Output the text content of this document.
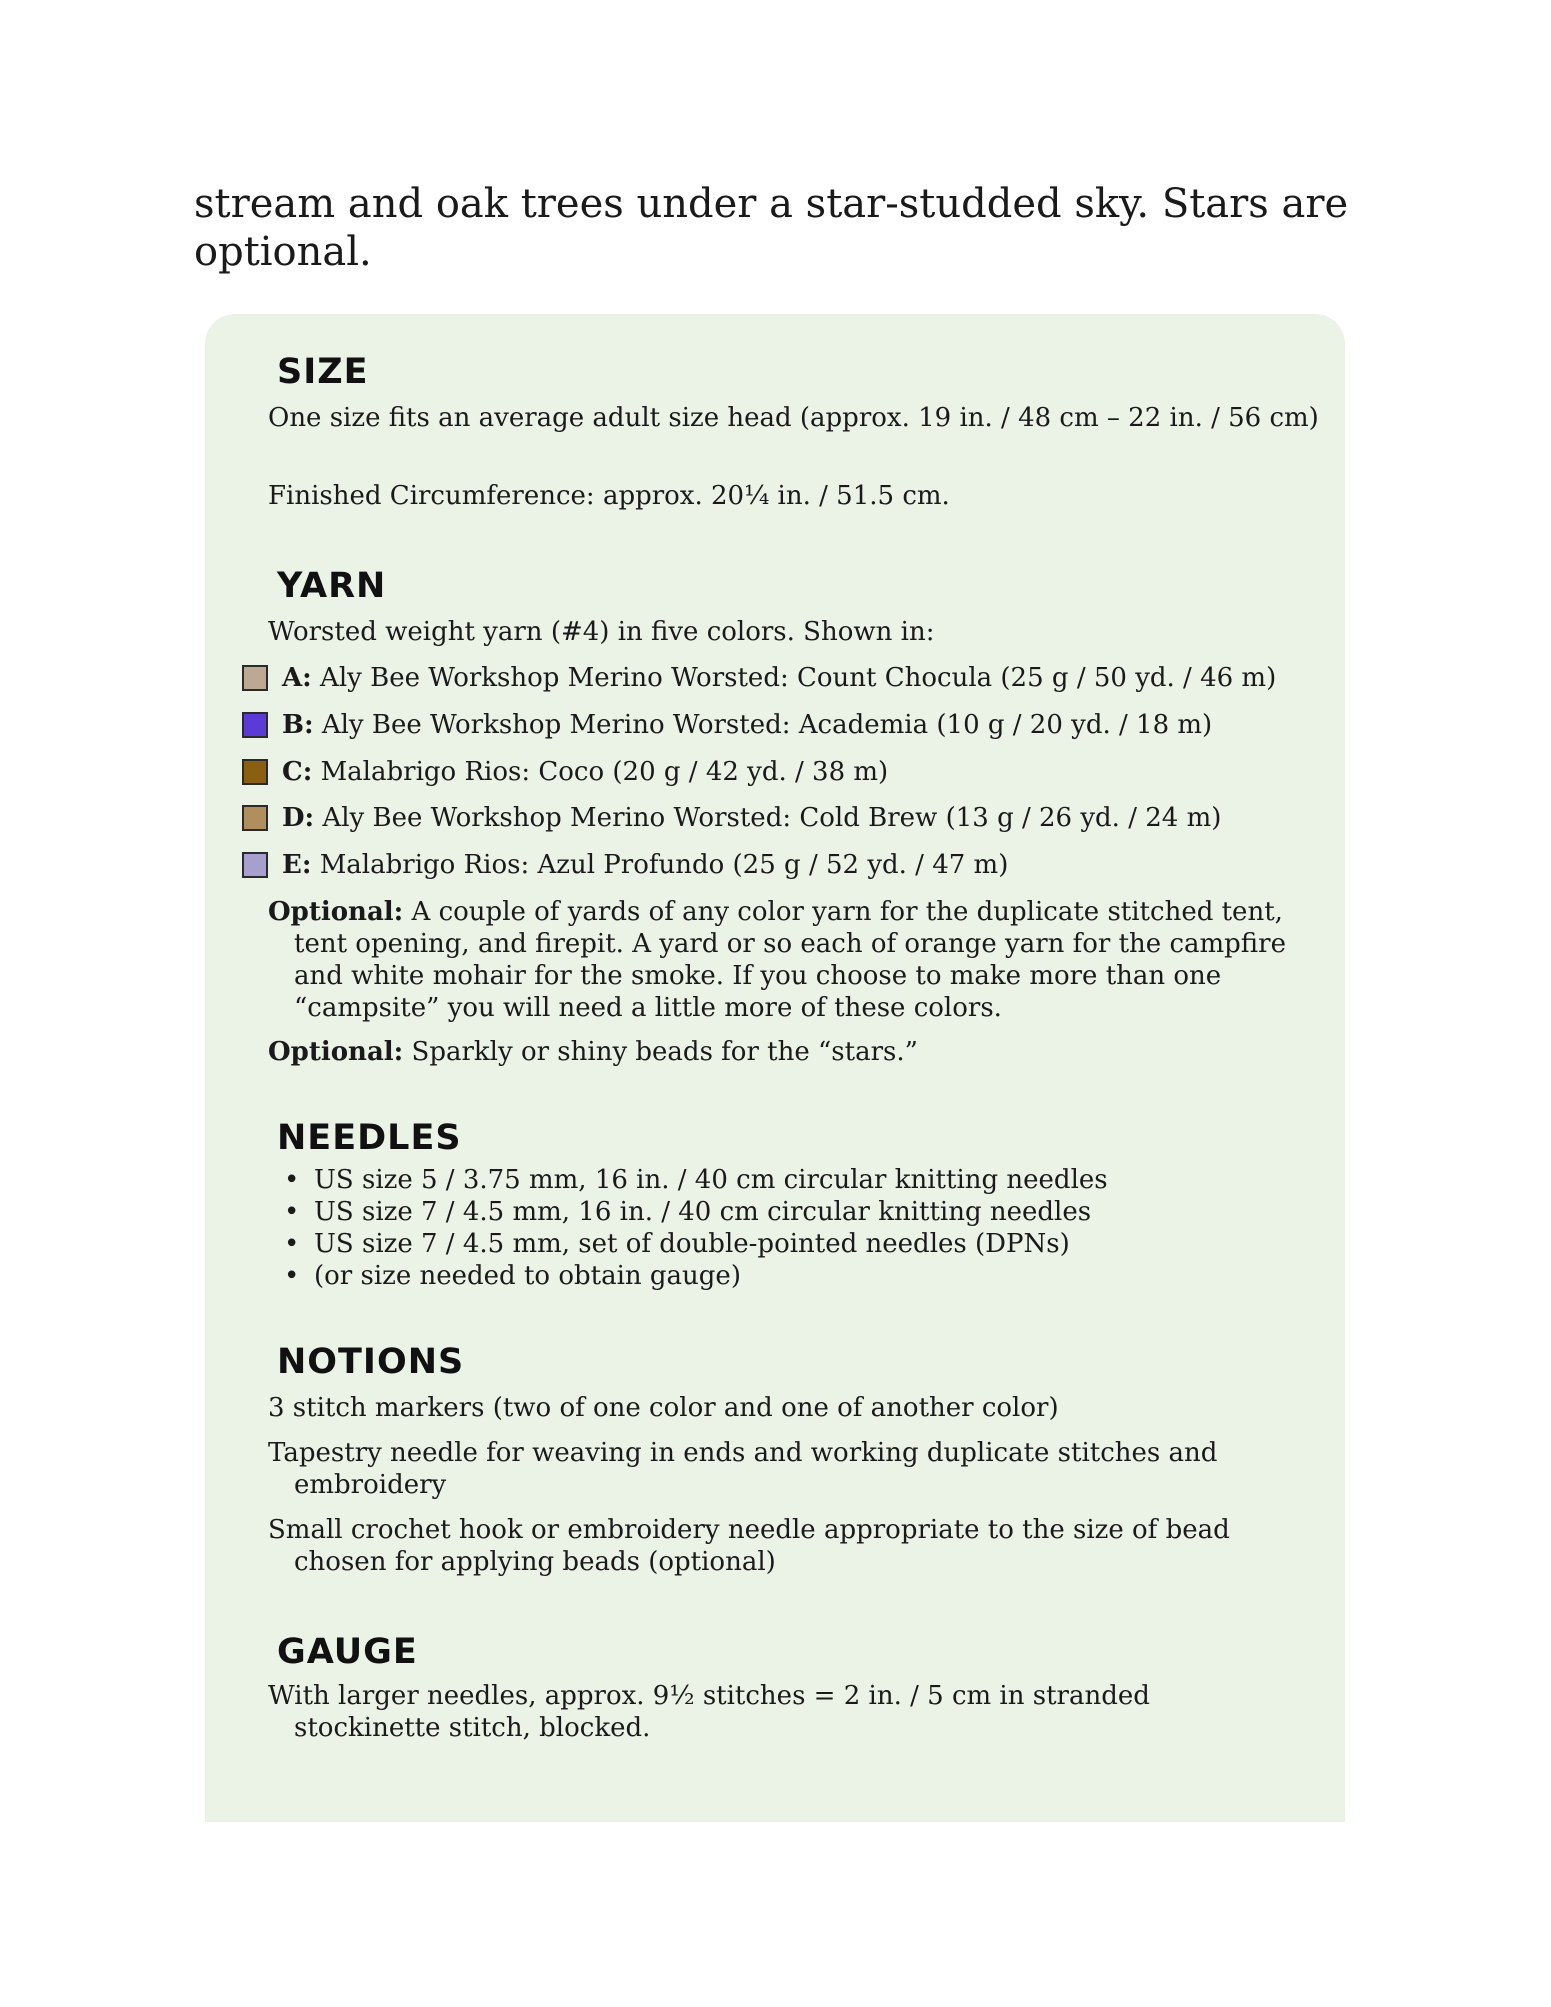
stream and oak trees under a star-studded sky. Stars are optional.

SIZE

One size fits an average adult size head (approx. 19 in. / 48 cm – 22 in. / 56 cm)

Finished Circumference: approx. 20¼ in. / 51.5 cm.

YARN

Worsted weight yarn (#4) in five colors. Shown in:

A:
Aly Bee Workshop Merino Worsted: Count Chocula (25 g / 50 yd. / 46 m)
B:
Aly Bee Workshop Merino Worsted: Academia (10 g / 20 yd. / 18 m)
C:
Malabrigo Rios: Coco (20 g / 42 yd. / 38 m)
D:
Aly Bee Workshop Merino Worsted: Cold Brew (13 g / 26 yd. / 24 m)
E:
Malabrigo Rios: Azul Profundo (25 g / 52 yd. / 47 m)

Optional: A couple of yards of any color yarn for the duplicate stitched tent, tent opening, and firepit. A yard or so each of orange yarn for the campfire and white mohair for the smoke. If you choose to make more than one “campsite” you will need a little more of these colors.

Optional: Sparkly or shiny beads for the “stars.”

NEEDLES
• US size 5 / 3.75 mm, 16 in. / 40 cm circular knitting needles
• US size 7 / 4.5 mm, 16 in. / 40 cm circular knitting needles
• US size 7 / 4.5 mm, set of double-pointed needles (DPNs)
• (or size needed to obtain gauge)
NOTIONS

3 stitch markers (two of one color and one of another color)

Tapestry needle for weaving in ends and working duplicate stitches and embroidery

Small crochet hook or embroidery needle appropriate to the size of bead chosen for applying beads (optional)

GAUGE

With larger needles, approx. 9½ stitches = 2 in. / 5 cm in stranded stockinette stitch, blocked.
